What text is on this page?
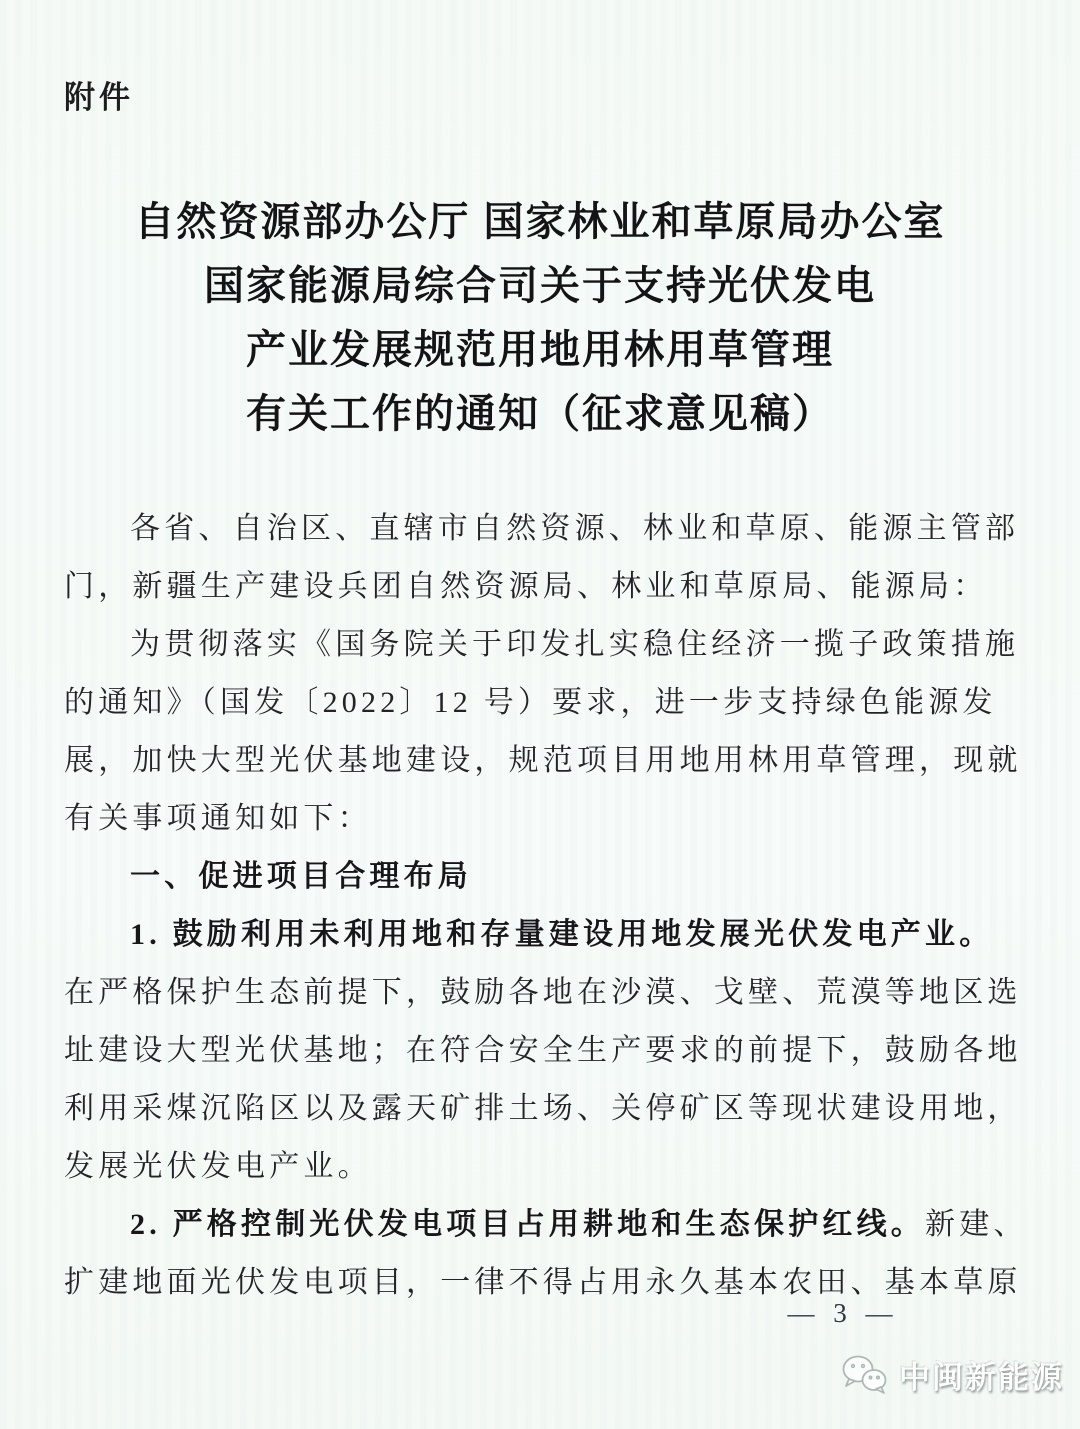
附件
自然资源部办公厅 国家林业和草原局办公室
国家能源局综合司关于支持光伏发电
产业发展规范用地用林用草管理
有关工作的通知（征求意见稿）
各省、自治区、直辖市自然资源、林业和草原、能源主管部
门，新疆生产建设兵团自然资源局、林业和草原局、能源局：
为贯彻落实《国务院关于印发扎实稳住经济一揽子政策措施
的通知》（国发〔2022〕12 号）要求，进一步支持绿色能源发
展，加快大型光伏基地建设，规范项目用地用林用草管理，现就
有关事项通知如下：
一、促进项目合理布局
1. 鼓励利用未利用地和存量建设用地发展光伏发电产业。
在严格保护生态前提下，鼓励各地在沙漠、戈壁、荒漠等地区选
址建设大型光伏基地；在符合安全生产要求的前提下，鼓励各地
利用采煤沉陷区以及露天矿排土场、关停矿区等现状建设用地，
发展光伏发电产业。
2. 严格控制光伏发电项目占用耕地和生态保护红线。新建、
扩建地面光伏发电项目，一律不得占用永久基本农田、基本草原
— 3 —
中闽新能源
